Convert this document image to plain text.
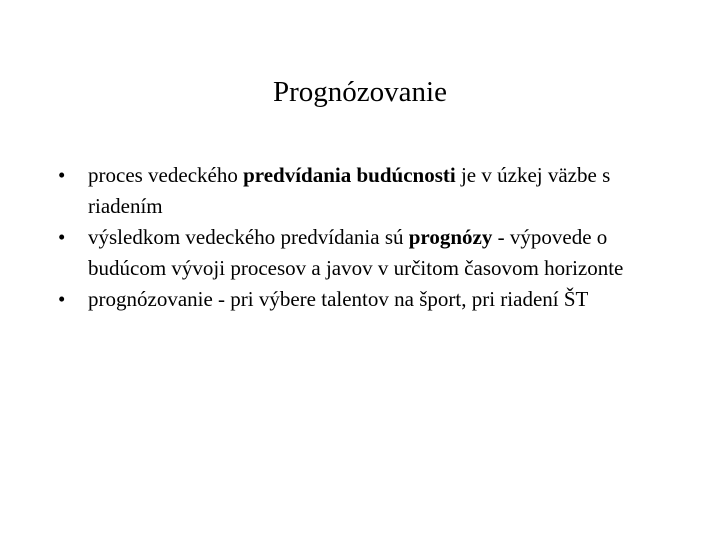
Prognózovanie
•	proces vedeckého predvídania budúcnosti je v úzkej väzbe s riadením
•	výsledkom vedeckého predvídania sú prognózy - výpovede o budúcom vývoji procesov a javov v určitom časovom horizonte
•	prognózovanie - pri výbere talentov na šport, pri riadení ŠT
